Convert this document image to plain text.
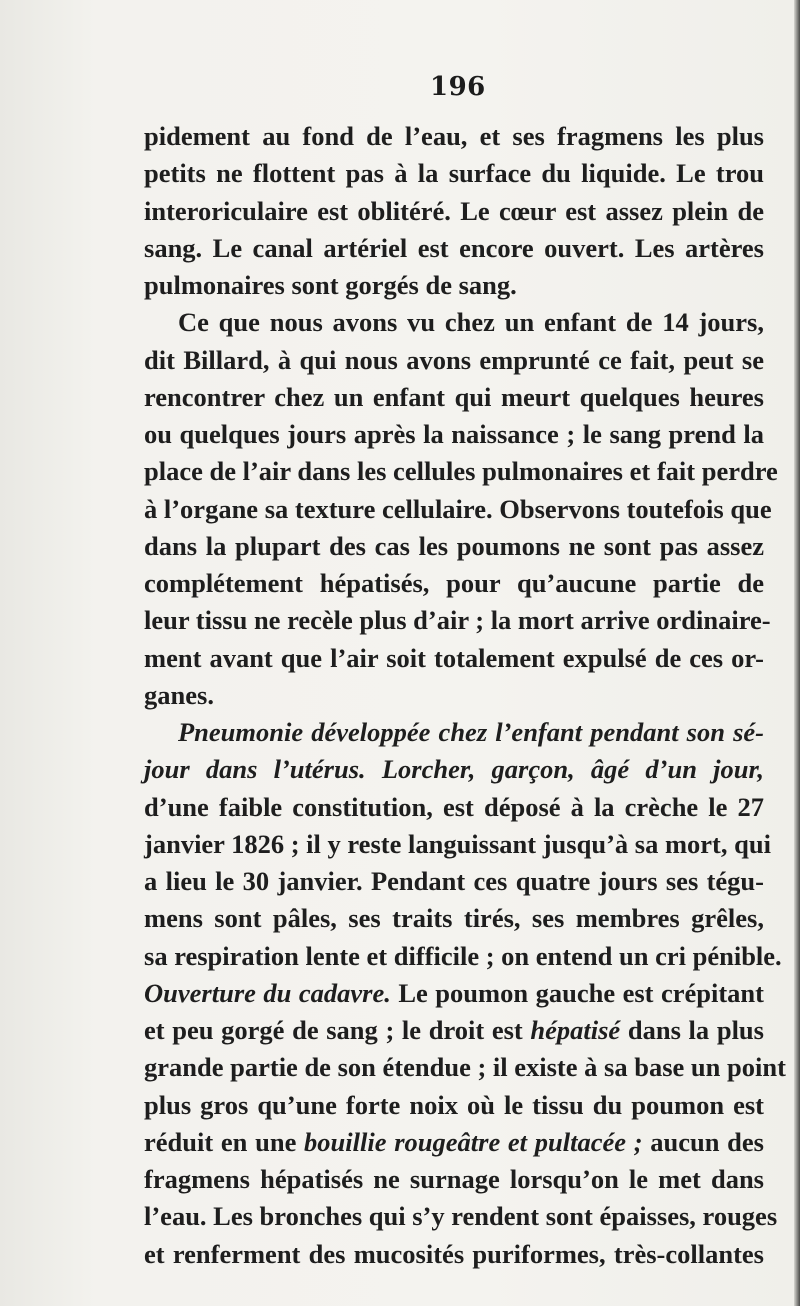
196
pidement au fond de l’eau, et ses fragmens les plus
petits ne flottent pas à la surface du liquide. Le trou
interoriculaire est oblitéré. Le cœur est assez plein de
sang. Le canal artériel est encore ouvert. Les artères
pulmonaires sont gorgés de sang.
Ce que nous avons vu chez un enfant de 14 jours,
dit Billard, à qui nous avons emprunté ce fait, peut se
rencontrer chez un enfant qui meurt quelques heures
ou quelques jours après la naissance ; le sang prend la
place de l’air dans les cellules pulmonaires et fait perdre
à l’organe sa texture cellulaire. Observons toutefois que
dans la plupart des cas les poumons ne sont pas assez
complétement hépatisés, pour qu’aucune partie de
leur tissu ne recèle plus d’air ; la mort arrive ordinaire-
ment avant que l’air soit totalement expulsé de ces or-
ganes.
Pneumonie développée chez l’enfant pendant son sé-
jour dans l’utérus. Lorcher, garçon, âgé d’un jour,
d’une faible constitution, est déposé à la crèche le 27
janvier 1826 ; il y reste languissant jusqu’à sa mort, qui
a lieu le 30 janvier. Pendant ces quatre jours ses tégu-
mens sont pâles, ses traits tirés, ses membres grêles,
sa respiration lente et difficile ; on entend un cri pénible.
Ouverture du cadavre. Le poumon gauche est crépitant
et peu gorgé de sang ; le droit est hépatisé dans la plus
grande partie de son étendue ; il existe à sa base un point
plus gros qu’une forte noix où le tissu du poumon est
réduit en une bouillie rougeâtre et pultacée ; aucun des
fragmens hépatisés ne surnage lorsqu’on le met dans
l’eau. Les bronches qui s’y rendent sont épaisses, rouges
et renferment des mucosités puriformes, très-collantes
